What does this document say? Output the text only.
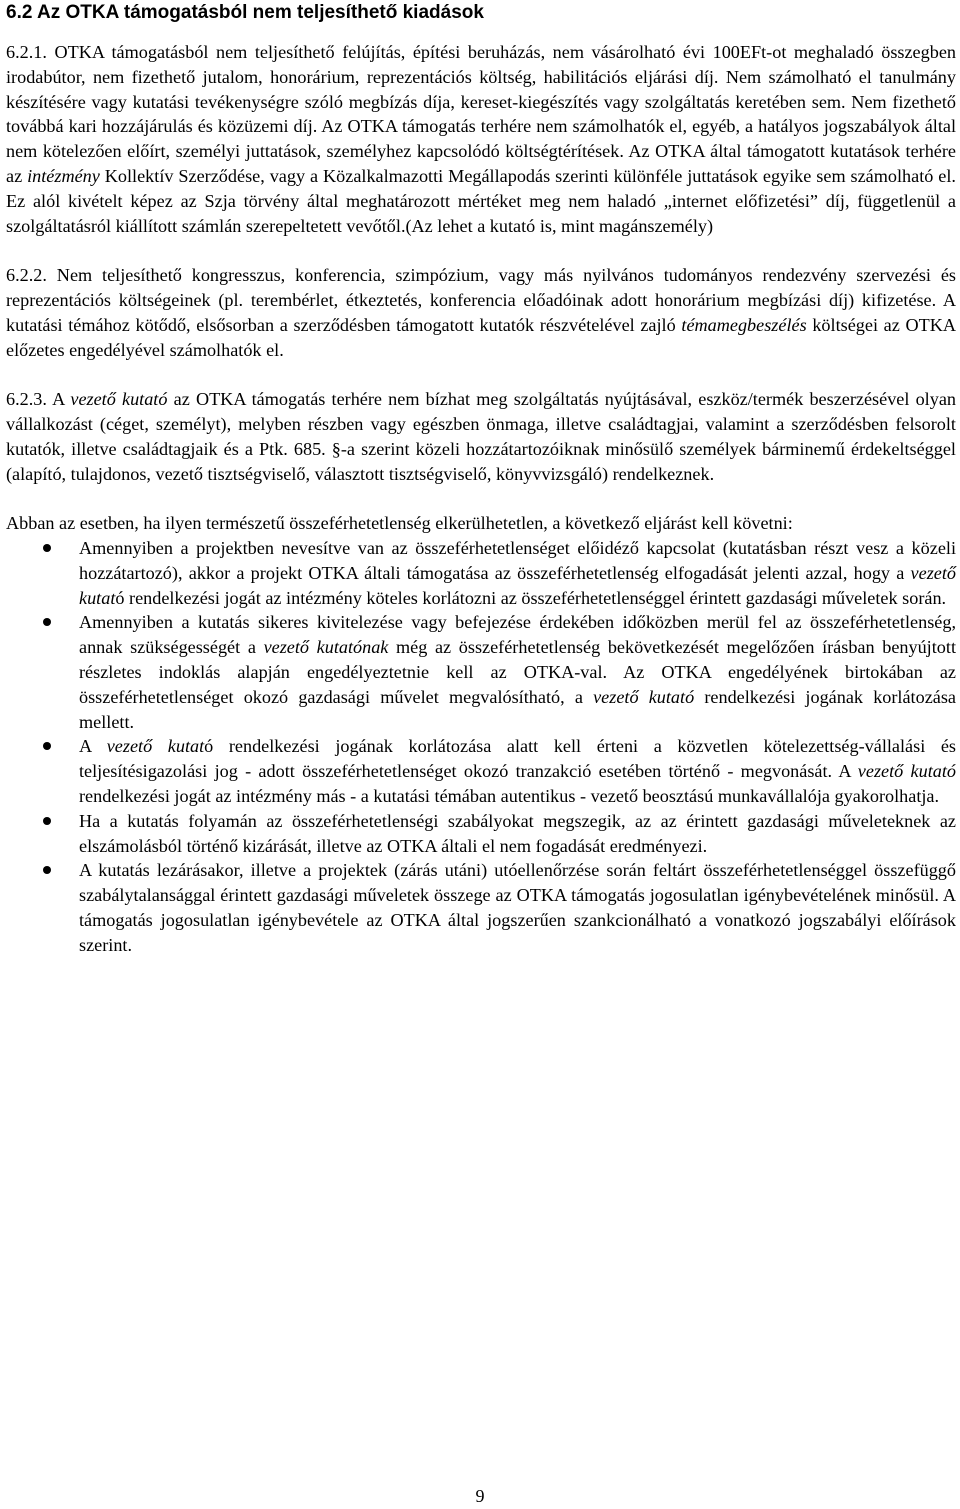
6.2 Az OTKA támogatásból nem teljesíthető kiadások

6.2.1. OTKA támogatásból nem teljesíthető felújítás, építési beruházás, nem vásárolható évi 100EFt-ot meghaladó összegben irodabútor, nem fizethető jutalom, honorárium, reprezentációs költség, habilitációs eljárási díj. Nem számolható el tanulmány készítésére vagy kutatási tevékenységre szóló megbízás díja, kereset-kiegészítés vagy szolgáltatás keretében sem. Nem fizethető továbbá kari hozzájárulás és közüzemi díj. Az OTKA támogatás terhére nem számolhatók el, egyéb, a hatályos jogszabályok által nem kötelezően előírt, személyi juttatások, személyhez kapcsolódó költségtérítések. Az OTKA által támogatott kutatások terhére az intézmény Kollektív Szerződése, vagy a Közalkalmazotti Megállapodás szerinti különféle juttatások egyike sem számolható el. Ez alól kivételt képez az Szja törvény által meghatározott mértéket meg nem haladó „internet előfizetési” díj, függetlenül a szolgáltatásról kiállított számlán szerepeltetett vevőtől.(Az lehet a kutató is, mint magánszemély)

6.2.2. Nem teljesíthető kongresszus, konferencia, szimpózium, vagy más nyilvános tudományos rendezvény szervezési és reprezentációs költségeinek (pl. terembérlet, étkeztetés, konferencia előadóinak adott honorárium megbízási díj) kifizetése. A kutatási témához kötődő, elsősorban a szerződésben támogatott kutatók részvételével zajló témamegbeszélés költségei az OTKA előzetes engedélyével számolhatók el.

6.2.3. A vezető kutató az OTKA támogatás terhére nem bízhat meg szolgáltatás nyújtásával, eszköz/termék beszerzésével olyan vállalkozást (céget, személyt), melyben részben vagy egészben önmaga, illetve családtagjai, valamint a szerződésben felsorolt kutatók, illetve családtagjaik és a Ptk. 685. §-a szerint közeli hozzátartozóiknak minősülő személyek bárminemű érdekeltséggel (alapító, tulajdonos, vezető tisztségviselő, választott tisztségviselő, könyvvizsgáló) rendelkeznek.

Abban az esetben, ha ilyen természetű összeférhetetlenség elkerülhetetlen, a következő eljárást kell követni:

Amennyiben a projektben nevesítve van az összeférhetetlenséget előidéző kapcsolat (kutatásban részt vesz a közeli hozzátartozó), akkor a projekt OTKA általi támogatása az összeférhetetlenség elfogadását jelenti azzal, hogy a vezető kutató rendelkezési jogát az intézmény köteles korlátozni az összeférhetetlenséggel érintett gazdasági műveletek során.
Amennyiben a kutatás sikeres kivitelezése vagy befejezése érdekében időközben merül fel az összeférhetetlenség, annak szükségességét a vezető kutatónak még az összeférhetetlenség bekövetkezését megelőzően írásban benyújtott részletes indoklás alapján engedélyeztetnie kell az OTKA-val. Az OTKA engedélyének birtokában az összeférhetetlenséget okozó gazdasági művelet megvalósítható, a vezető kutató rendelkezési jogának korlátozása mellett.
A vezető kutató rendelkezési jogának korlátozása alatt kell érteni a közvetlen kötelezettség-vállalási és teljesítésigazolási jog - adott összeférhetetlenséget okozó tranzakció esetében történő - megvonását. A vezető kutató rendelkezési jogát az intézmény más - a kutatási témában autentikus - vezető beosztású munkavállalója gyakorolhatja.
Ha a kutatás folyamán az összeférhetetlenségi szabályokat megszegik, az az érintett gazdasági műveleteknek az elszámolásból történő kizárását, illetve az OTKA általi el nem fogadását eredményezi.
A kutatás lezárásakor, illetve a projektek (zárás utáni) utóellenőrzése során feltárt összeférhetetlenséggel összefüggő szabálytalansággal érintett gazdasági műveletek összege az OTKA támogatás jogosulatlan igénybevételének minősül. A támogatás jogosulatlan igénybevétele az OTKA által jogszerűen szankcionálható a vonatkozó jogszabályi előírások szerint.

9
